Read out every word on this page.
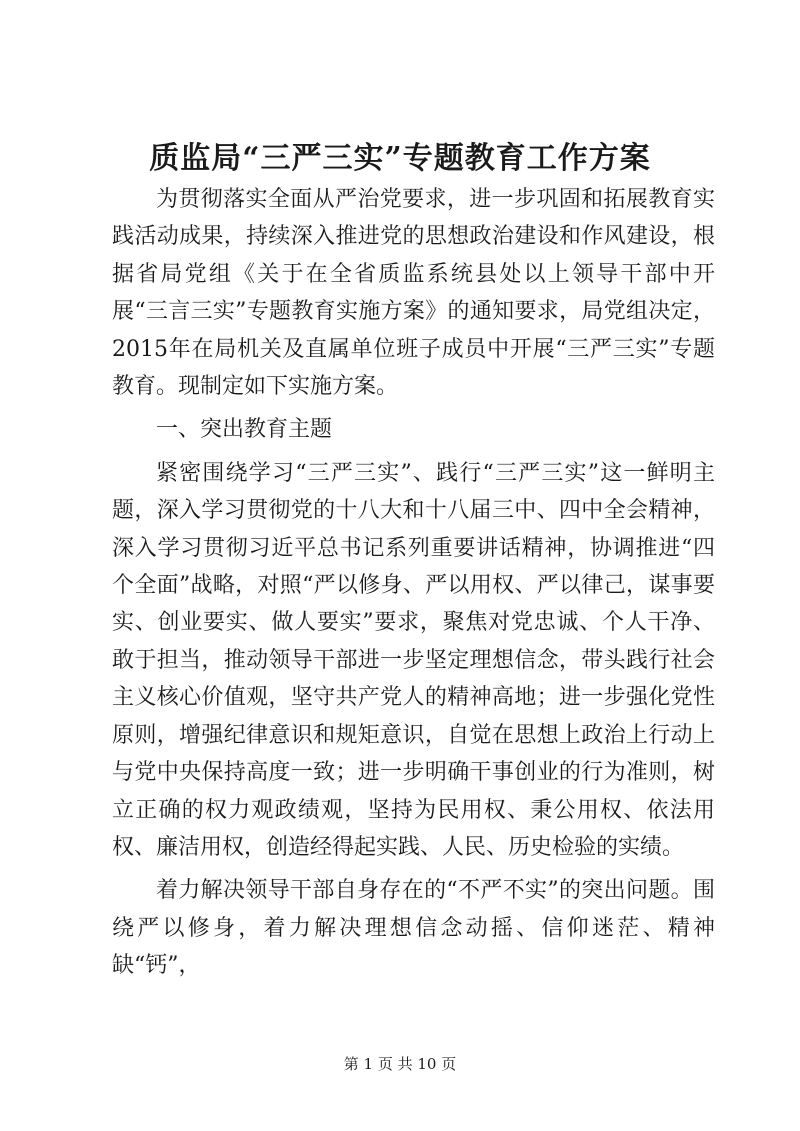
质监局“三严三实”专题教育工作方案

为贯彻落实全面从严治党要求，进一步巩固和拓展教育实践活动成果，持续深入推进党的思想政治建设和作风建设，根据省局党组《关于在全省质监系统县处以上领导干部中开展“三言三实”专题教育实施方案》的通知要求，局党组决定，2015年在局机关及直属单位班子成员中开展“三严三实”专题教育。现制定如下实施方案。

一、突出教育主题

紧密围绕学习“三严三实”、践行“三严三实”这一鲜明主题，深入学习贯彻党的十八大和十八届三中、四中全会精神，深入学习贯彻习近平总书记系列重要讲话精神，协调推进“四个全面”战略，对照“严以修身、严以用权、严以律己，谋事要实、创业要实、做人要实”要求，聚焦对党忠诚、个人干净、敢于担当，推动领导干部进一步坚定理想信念，带头践行社会主义核心价值观，坚守共产党人的精神高地；进一步强化党性原则，增强纪律意识和规矩意识，自觉在思想上政治上行动上与党中央保持高度一致；进一步明确干事创业的行为准则，树立正确的权力观政绩观，坚持为民用权、秉公用权、依法用权、廉洁用权，创造经得起实践、人民、历史检验的实绩。

着力解决领导干部自身存在的“不严不实”的突出问题。围绕严以修身，着力解决理想信念动摇、信仰迷茫、精神缺“钙”，

第 1 页 共 10 页
